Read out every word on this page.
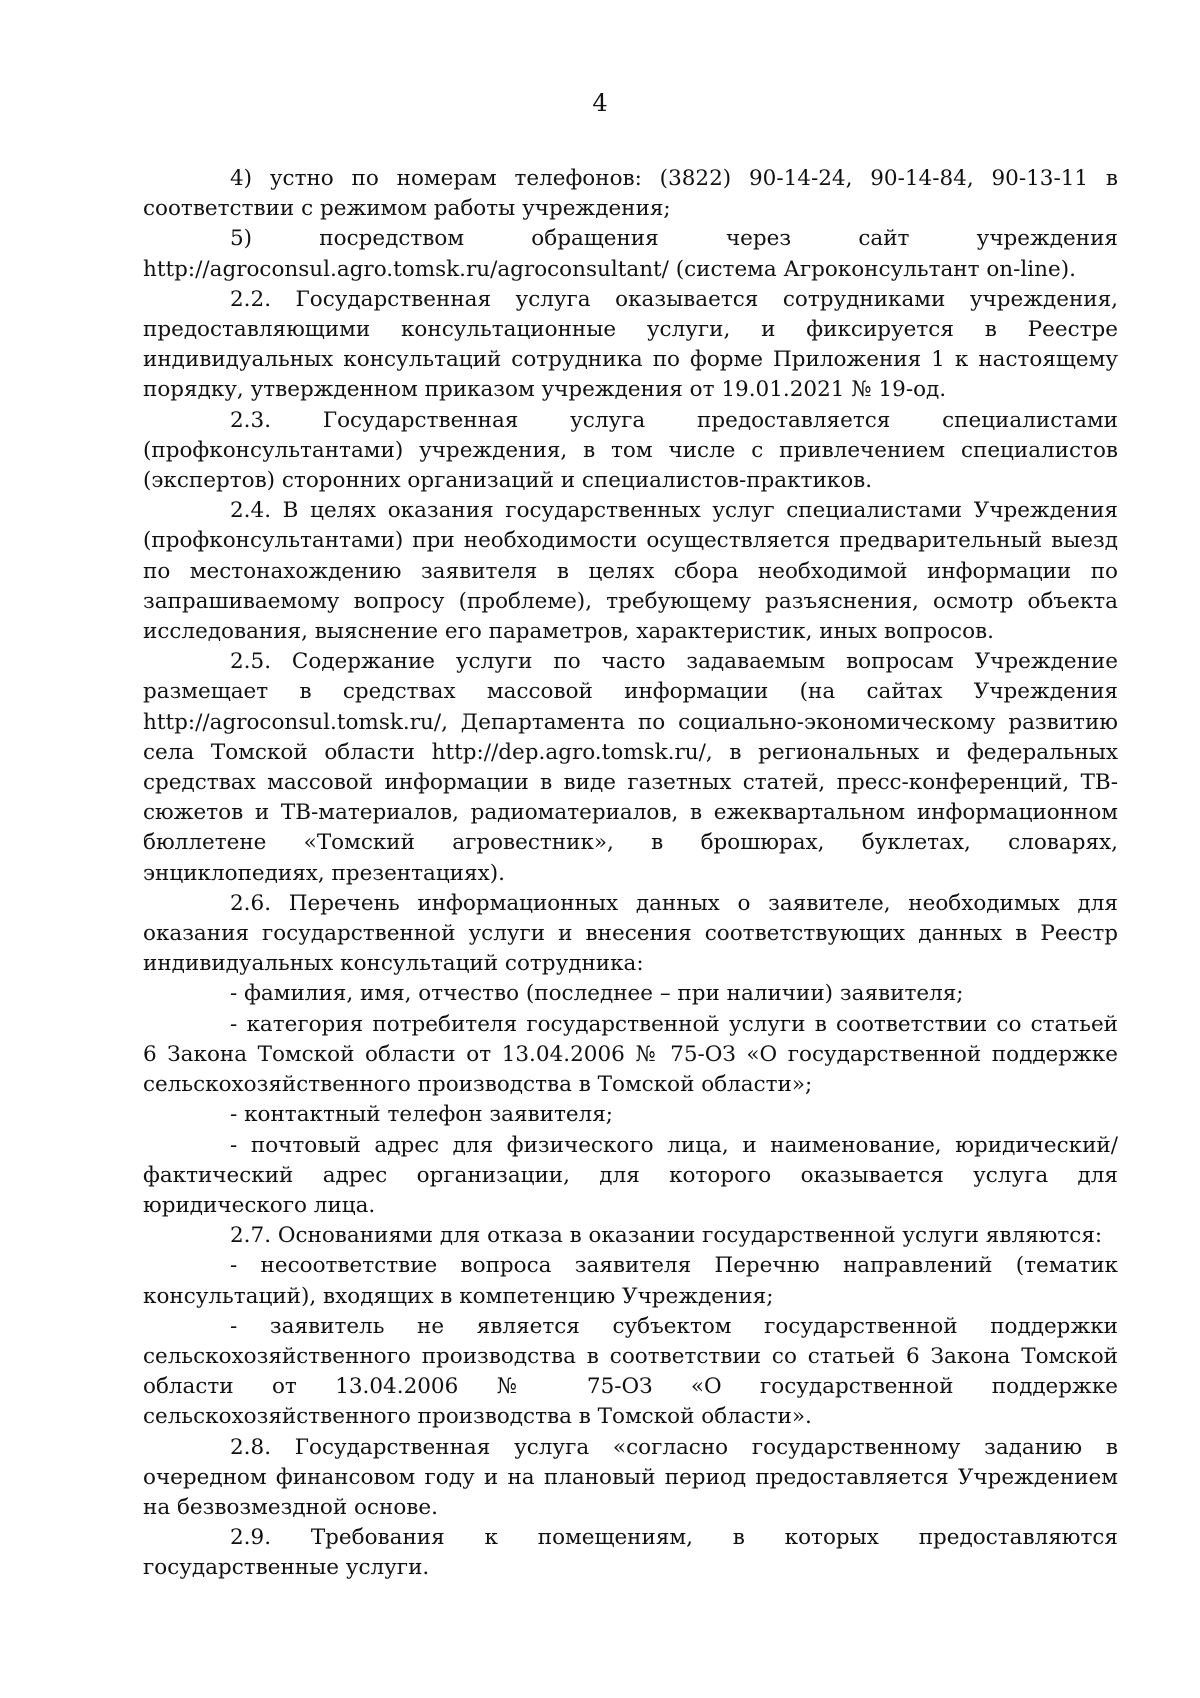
4

4) устно по номерам телефонов: (3822) 90-14-24, 90-14-84, 90-13-11 в соответствии с режимом работы учреждения;

5) посредством обращения через сайт учреждения http://agroconsul.agro.tomsk.ru/agroconsultant/ (система Агроконсультант on-line).

2.2. Государственная услуга оказывается сотрудниками учреждения, предоставляющими консультационные услуги, и фиксируется в Реестре индивидуальных консультаций сотрудника по форме Приложения 1 к настоящему порядку, утвержденном приказом учреждения от 19.01.2021 № 19-од.

2.3. Государственная услуга предоставляется специалистами (профконсультантами) учреждения, в том числе с привлечением специалистов (экспертов) сторонних организаций и специалистов-практиков.

2.4. В целях оказания государственных услуг специалистами Учреждения (профконсультантами) при необходимости осуществляется предварительный выезд по местонахождению заявителя в целях сбора необходимой информации по запрашиваемому вопросу (проблеме), требующему разъяснения, осмотр объекта исследования, выяснение его параметров, характеристик, иных вопросов.

2.5. Содержание услуги по часто задаваемым вопросам Учреждение размещает в средствах массовой информации (на сайтах Учреждения http://agroconsul.tomsk.ru/, Департамента по социально-экономическому развитию села Томской области http://dep.agro.tomsk.ru/, в региональных и федеральных средствах массовой информации в виде газетных статей, пресс-конференций, ТВ-сюжетов и ТВ-материалов, радиоматериалов, в ежеквартальном информационном бюллетене «Томский агровестник», в брошюрах, буклетах, словарях, энциклопедиях, презентациях).

2.6. Перечень информационных данных о заявителе, необходимых для оказания государственной услуги и внесения соответствующих данных в Реестр индивидуальных консультаций сотрудника:

- фамилия, имя, отчество (последнее – при наличии) заявителя;

- категория потребителя государственной услуги в соответствии со статьей 6 Закона Томской области от 13.04.2006 № 75-ОЗ «О государственной поддержке сельскохозяйственного производства в Томской области»;

- контактный телефон заявителя;

- почтовый адрес для физического лица, и наименование, юридический/фактический адрес организации, для которого оказывается услуга для юридического лица.

2.7. Основаниями для отказа в оказании государственной услуги являются:

- несоответствие вопроса заявителя Перечню направлений (тематик консультаций), входящих в компетенцию Учреждения;

- заявитель не является субъектом государственной поддержки сельскохозяйственного производства в соответствии со статьей 6 Закона Томской области от 13.04.2006 № 75-ОЗ «О государственной поддержке сельскохозяйственного производства в Томской области».

2.8. Государственная услуга «согласно государственному заданию в очередном финансовом году и на плановый период предоставляется Учреждением на безвозмездной основе.

2.9. Требования к помещениям, в которых предоставляются государственные услуги.
